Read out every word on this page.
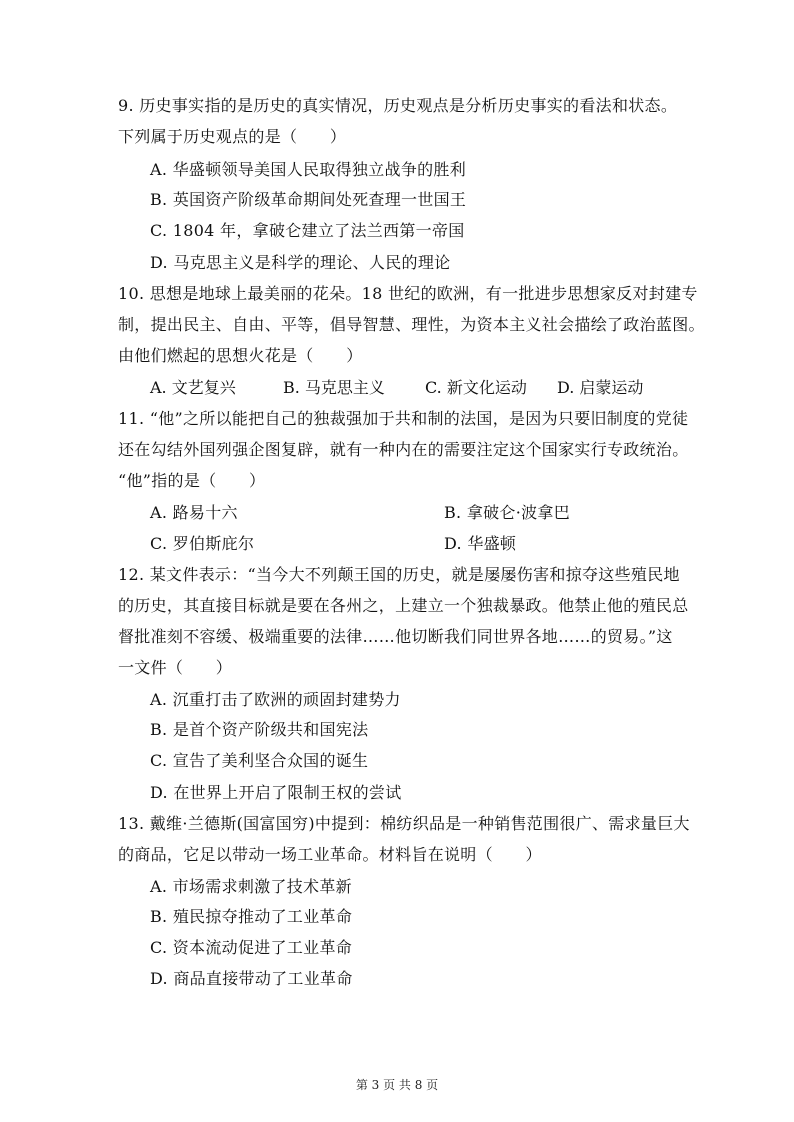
9. 历史事实指的是历史的真实情况，历史观点是分析历史事实的看法和状态。
下列属于历史观点的是（　　）
A. 华盛顿领导美国人民取得独立战争的胜利
B. 英国资产阶级革命期间处死查理一世国王
C. 1804 年，拿破仑建立了法兰西第一帝国
D. 马克思主义是科学的理论、人民的理论
10. 思想是地球上最美丽的花朵。18 世纪的欧洲，有一批进步思想家反对封建专
制，提出民主、自由、平等，倡导智慧、理性，为资本主义社会描绘了政治蓝图。
由他们燃起的思想火花是（　　）
A. 文艺复兴	B. 马克思主义	C. 新文化运动 D. 启蒙运动
11. “他”之所以能把自己的独裁强加于共和制的法国，是因为只要旧制度的党徒
还在勾结外国列强企图复辟，就有一种内在的需要注定这个国家实行专政统治。
“他”指的是（　　）
A. 路易十六	B. 拿破仑·波拿巴
C. 罗伯斯庇尔	D. 华盛顿
12. 某文件表示：“当今大不列颠王国的历史，就是屡屡伤害和掠夺这些殖民地
的历史，其直接目标就是要在各州之，上建立一个独裁暴政。他禁止他的殖民总
督批准刻不容缓、极端重要的法律……他切断我们同世界各地……的贸易。”这
一文件（　　）
A. 沉重打击了欧洲的顽固封建势力
B. 是首个资产阶级共和国宪法
C. 宣告了美利坚合众国的诞生
D. 在世界上开启了限制王权的尝试
13. 戴维·兰德斯(国富国穷)中提到：棉纺织品是一种销售范围很广、需求量巨大
的商品，它足以带动一场工业革命。材料旨在说明（　　）
A. 市场需求刺激了技术革新
B. 殖民掠夺推动了工业革命
C. 资本流动促进了工业革命
D. 商品直接带动了工业革命
第 3 页 共 8 页
